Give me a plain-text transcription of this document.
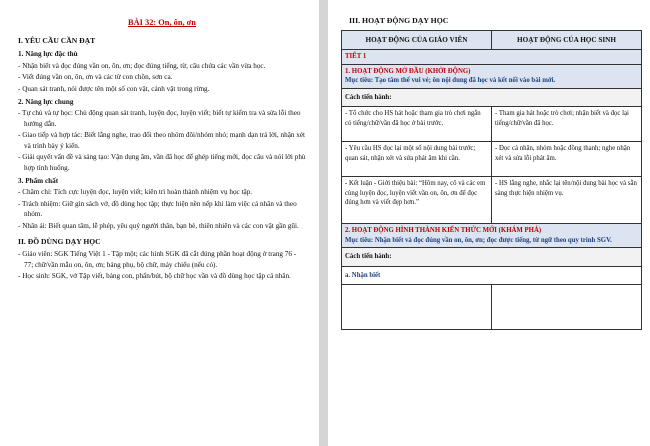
BÀI 32: On, ôn, ơn
I. YÊU CẦU CẦN ĐẠT
1. Năng lực đặc thù
- Nhận biết và đọc đúng vần on, ôn, ơn; đọc đúng tiếng, từ, câu chứa các vần vừa học.
- Viết đúng vần on, ôn, ơn và các từ con chồn, sơn ca.
- Quan sát tranh, nói được tên một số con vật, cảnh vật trong rừng.
2. Năng lực chung
- Tự chủ và tự học: Chủ động quan sát tranh, luyện đọc, luyện viết; biết tự kiểm tra và sửa lỗi theo hướng dẫn.
- Giao tiếp và hợp tác: Biết lắng nghe, trao đổi theo nhóm đôi/nhóm nhỏ; mạnh dạn trả lời, nhận xét và trình bày ý kiến.
- Giải quyết vấn đề và sáng tạo: Vận dụng âm, vần đã học để ghép tiếng mới, đọc câu và nói lời phù hợp tình huống.
3. Phẩm chất
- Chăm chỉ: Tích cực luyện đọc, luyện viết; kiên trì hoàn thành nhiệm vụ học tập.
- Trách nhiệm: Giữ gìn sách vở, đồ dùng học tập; thực hiện nền nếp khi làm việc cá nhân và theo nhóm.
- Nhân ái: Biết quan tâm, lễ phép, yêu quý người thân, bạn bè, thiên nhiên và các con vật gần gũi.
II. ĐỒ DÙNG DẠY HỌC
- Giáo viên: SGK Tiếng Việt 1 - Tập một; các hình SGK đã cắt đúng phần hoạt động ở trang 76 - 77; chữ/vần mẫu on, ôn, ơn; bảng phụ, bộ chữ, máy chiếu (nếu có).
- Học sinh: SGK, vở Tập viết, bảng con, phấn/bút, bộ chữ học vần và đồ dùng học tập cá nhân.
III. HOẠT ĐỘNG DẠY HỌC
HOẠT ĐỘNG CỦA GIÁO VIÊN	HOẠT ĐỘNG CỦA HỌC SINH
TIẾT 1	

1. HOẠT ĐỘNG MỞ ĐẦU (KHỞI ĐỘNG)
Mục tiêu: Tạo tâm thế vui vẻ; ôn nội dung đã học và kết nối vào bài mới.	

Cách tiến hành:	
- Tổ chức cho HS hát hoặc tham gia trò chơi ngắn có tiếng/chữ/vần đã học ở bài trước.	- Tham gia hát hoặc trò chơi; nhận biết và đọc lại tiếng/chữ/vần đã học.
- Yêu cầu HS đọc lại một số nội dung bài trước; quan sát, nhận xét và sửa phát âm khi cần.	- Đọc cá nhân, nhóm hoặc đồng thanh; nghe nhận xét và sửa lỗi phát âm.
- Kết luận - Giới thiệu bài: “Hôm nay, cô và các em cùng luyện đọc, luyện viết vần on, ôn, ơn để đọc đúng hơn và viết đẹp hơn.”	- HS lắng nghe, nhắc lại tên/nội dung bài học và sẵn sàng thực hiện nhiệm vụ.

2. HOẠT ĐỘNG HÌNH THÀNH KIẾN THỨC MỚI (KHÁM PHÁ)
Mục tiêu: Nhận biết và đọc đúng vần on, ôn, ơn; đọc được tiếng, từ ngữ theo quy trình SGV.	

Cách tiến hành:	
a. Nhận biết	
